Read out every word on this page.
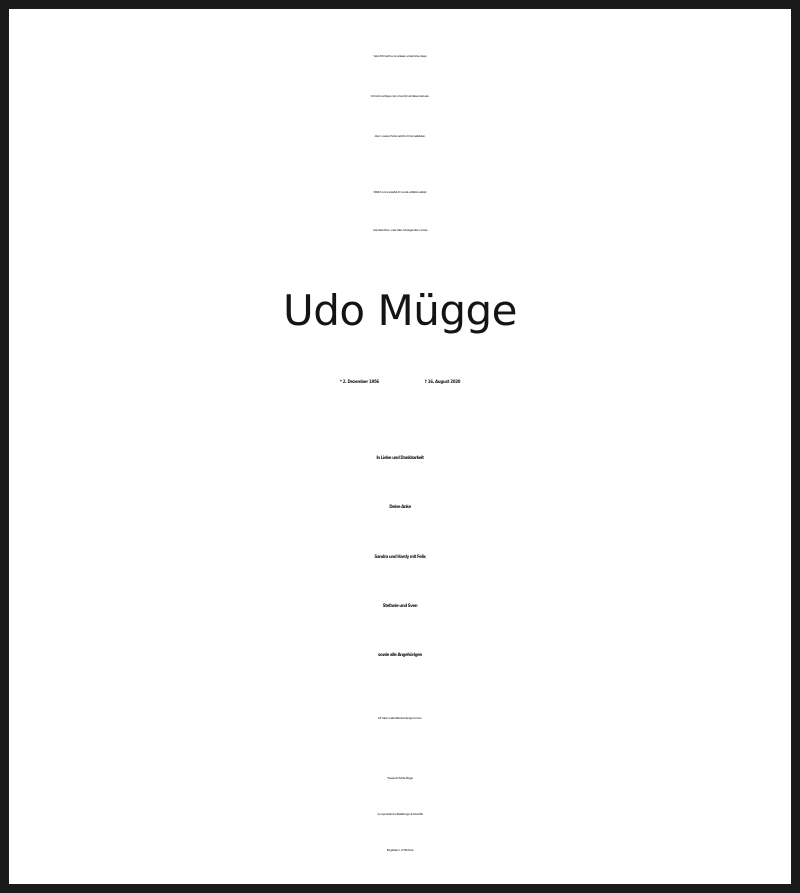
Viel zu früh hast Du uns verlassen, schwer ist es, diesen
Schmerz zu ertragen, denn ohne Dich wird alles anders sein.
Aber in unseren Herzen wirst Du immer weiterleben.
Plötzlich und unerwartet, für uns alle unfaßbar verstarb
mein lieber Mann, unser Vater, Schwiegervater und Opa
Udo Mügge
* 2. Dezember 1956	† 16. August 2020
In Liebe und Dankbarkeit
Deine Anke
Sandra und Hardy mit Felix
Stefanie und Sven
sowie alle Angehörigen
Wir haben in aller Stille Abschied genommen.
Trauerpost: Familie Mügge
c/o Anja Graalmann Bestattungen & Trauerhilfe
Burgstraße 3 · 27798 Hude
